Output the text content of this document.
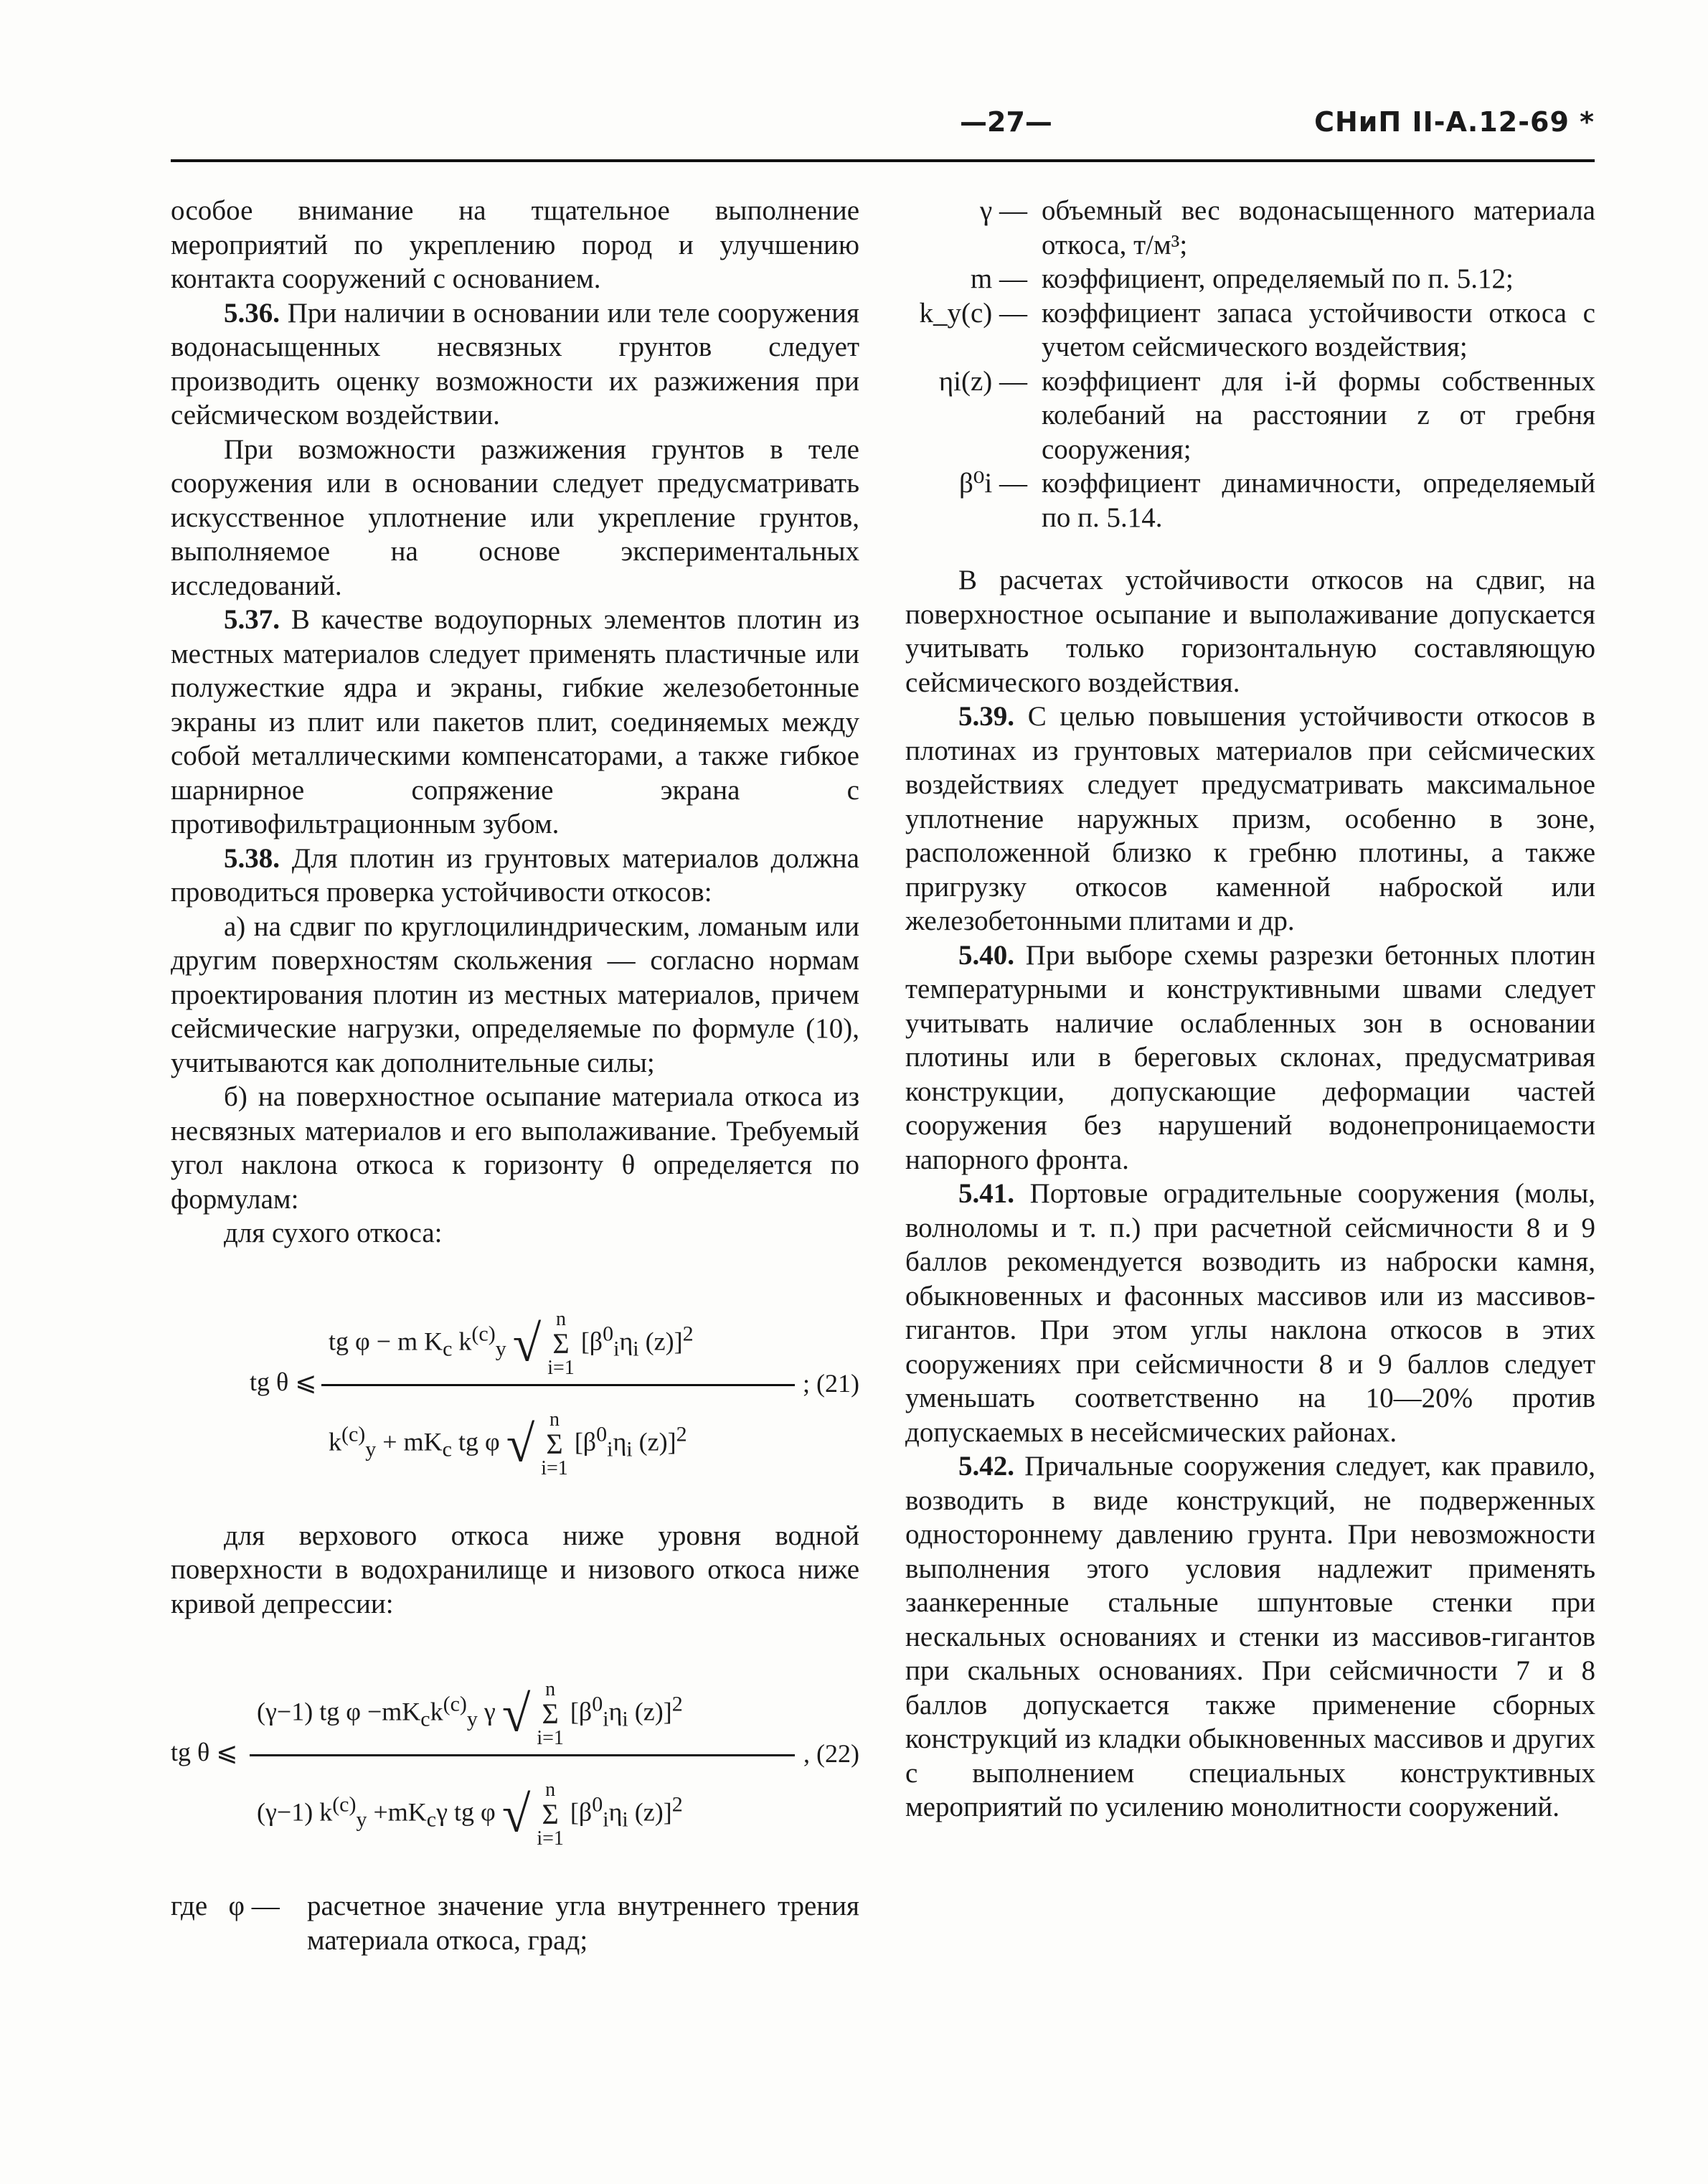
—27—	СНиП II-А.12-69 *

особое внимание на тщательное выполнение мероприятий по укреплению пород и улучшению контакта сооружений с основанием.

5.36. При наличии в основании или теле сооружения водонасыщенных несвязных грунтов следует производить оценку возможности их разжижения при сейсмическом воздействии.

При возможности разжижения грунтов в теле сооружения или в основании следует предусматривать искусственное уплотнение или укрепление грунтов, выполняемое на основе экспериментальных исследований.

5.37. В качестве водоупорных элементов плотин из местных материалов следует применять пластичные или полужесткие ядра и экраны, гибкие железобетонные экраны из плит или пакетов плит, соединяемых между собой металлическими компенсаторами, а также гибкое шарнирное сопряжение экрана с противофильтрационным зубом.

5.38. Для плотин из грунтовых материалов должна проводиться проверка устойчивости откосов:

а) на сдвиг по круглоцилиндрическим, ломаным или другим поверхностям скольжения — согласно нормам проектирования плотин из местных материалов, причем сейсмические нагрузки, определяемые по формуле (10), учитываются как дополнительные силы;

б) на поверхностное осыпание материала откоса из несвязных материалов и его выполаживание. Требуемый угол наклона откоса к горизонту θ определяется по формулам:

для сухого откоса:

tg θ ⩽
tg φ − m $K_c$ $k^{(c)}_y$ √ n
Σ
i=1 [$\beta^0_i\eta_i$ (z)]$^2$
$k^{(c)}_y + mK_c$ tg φ √ n
Σ
i=1 [$\beta^0_i\eta_i$ (z)]$^2$
; (21)

для верхового откоса ниже уровня водной поверхности в водохранилище и низового откоса ниже кривой депрессии:

tg θ ⩽
(γ−1) tg $\varphi -mK_ck^{(c)}_y$ γ √ n
Σ
i=1 [$\beta^0_i\eta_i$ (z)]$^2$
(γ−1) $k^{(c)}_y +mK_c\gamma$ tg φ √ n
Σ
i=1 [$\beta^0_i\eta_i$ (z)]$^2$
, (22)
где φ — расчетное значение угла внутреннего трения материала откоса, град;
γ — объемный вес водонасыщенного материала откоса, т/м³;
m — коэффициент, определяемый по п. 5.12;
k_y(c) — коэффициент запаса устойчивости откоса с учетом сейсмического воздействия;
ηi(z) — коэффициент для i-й формы собственных колебаний на расстоянии z от гребня сооружения;
β⁰i — коэффициент динамичности, определяемый по п. 5.14.

В расчетах устойчивости откосов на сдвиг, на поверхностное осыпание и выполаживание допускается учитывать только горизонтальную составляющую сейсмического воздействия.

5.39. С целью повышения устойчивости откосов в плотинах из грунтовых материалов при сейсмических воздействиях следует предусматривать максимальное уплотнение наружных призм, особенно в зоне, расположенной близко к гребню плотины, а также пригрузку откосов каменной наброской или железобетонными плитами и др.

5.40. При выборе схемы разрезки бетонных плотин температурными и конструктивными швами следует учитывать наличие ослабленных зон в основании плотины или в береговых склонах, предусматривая конструкции, допускающие деформации частей сооружения без нарушений водонепроницаемости напорного фронта.

5.41. Портовые оградительные сооружения (молы, волноломы и т. п.) при расчетной сейсмичности 8 и 9 баллов рекомендуется возводить из наброски камня, обыкновенных и фасонных массивов или из массивов-гигантов. При этом углы наклона откосов в этих сооружениях при сейсмичности 8 и 9 баллов следует уменьшать соответственно на 10—20% против допускаемых в несейсмических районах.

5.42. Причальные сооружения следует, как правило, возводить в виде конструкций, не подверженных одностороннему давлению грунта. При невозможности выполнения этого условия надлежит применять заанкеренные стальные шпунтовые стенки при нескальных основаниях и стенки из массивов-гигантов при скальных основаниях. При сейсмичности 7 и 8 баллов допускается также применение сборных конструкций из кладки обыкновенных массивов и других с выполнением специальных конструктивных мероприятий по усилению монолитности сооружений.
